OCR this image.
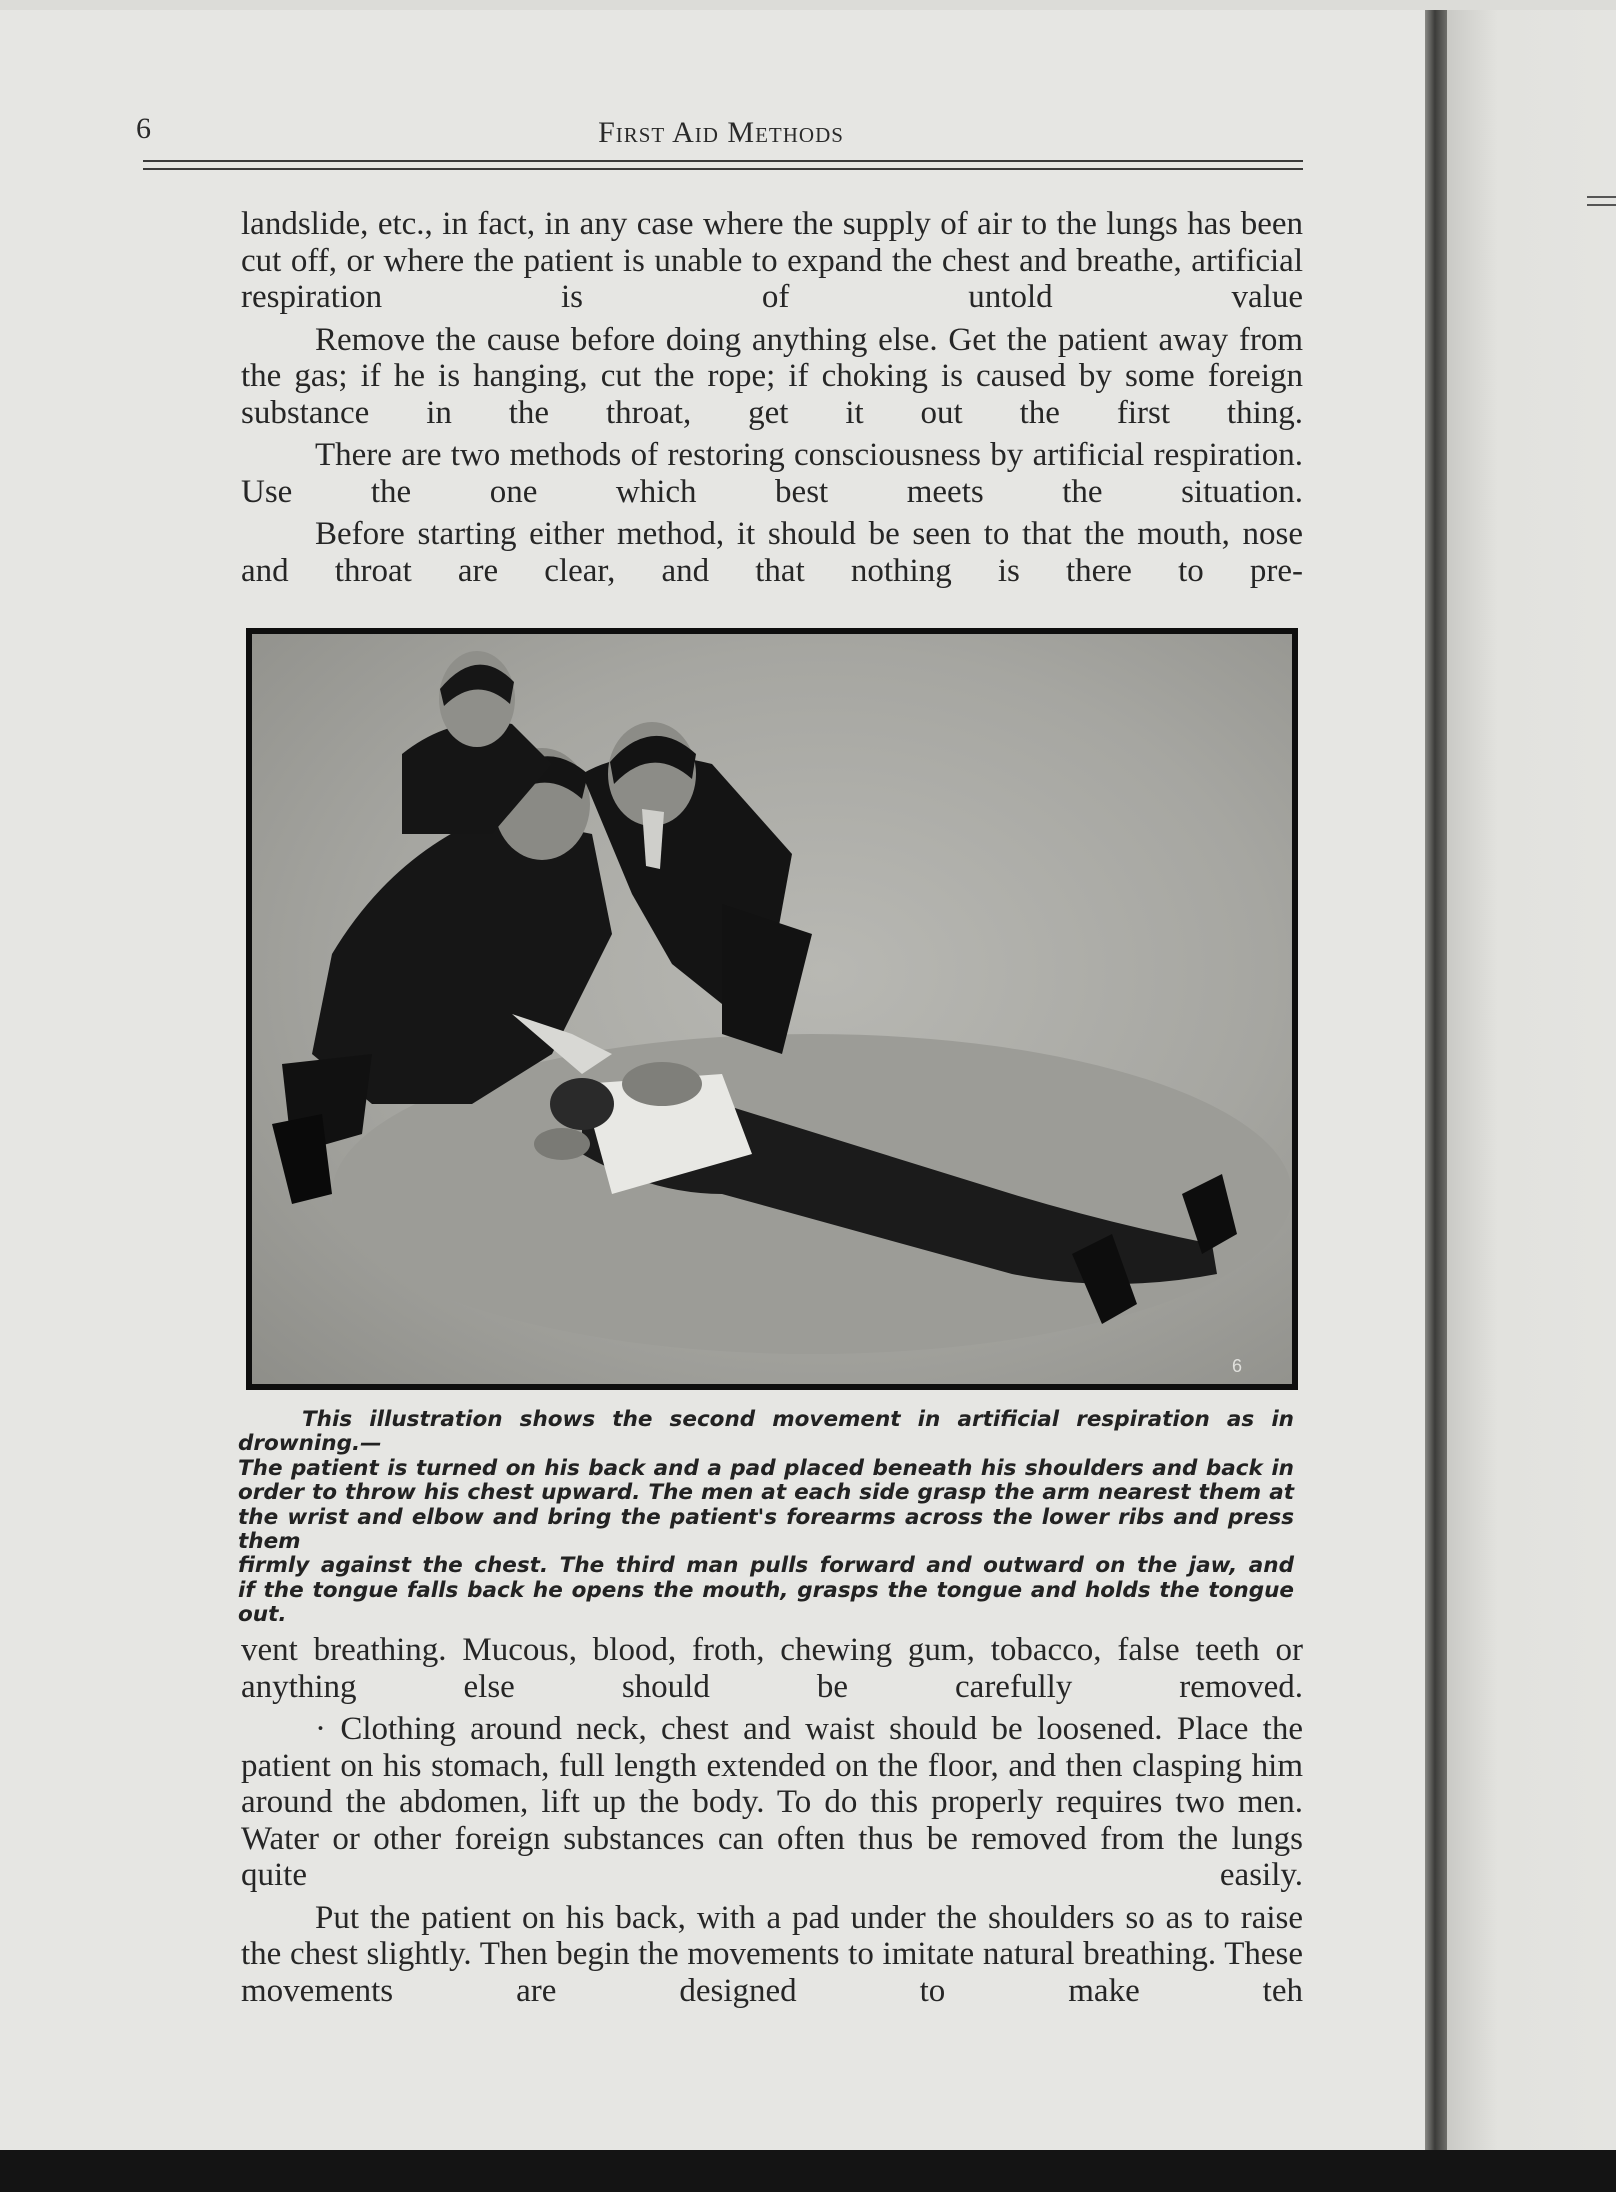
6	First Aid Methods

landslide, etc., in fact, in any case where the supply of air to the lungs has been cut off, or where the patient is unable to expand the chest and breathe, artificial respiration is of untold value

Remove the cause before doing anything else. Get the patient away from the gas; if he is hanging, cut the rope; if choking is caused by some foreign substance in the throat, get it out the first thing.

There are two methods of restoring consciousness by artificial respiration. Use the one which best meets the situation.

Before starting either method, it should be seen to that the mouth, nose and throat are clear, and that nothing is there to pre-

6
This illustration shows the second movement in artificial respiration as in drowning.—
The patient is turned on his back and a pad placed beneath his shoulders and back in
order to throw his chest upward. The men at each side grasp the arm nearest them at
the wrist and elbow and bring the patient's forearms across the lower ribs and press them
firmly against the chest. The third man pulls forward and outward on the jaw, and
if the tongue falls back he opens the mouth, grasps the tongue and holds the tongue out.

vent breathing. Mucous, blood, froth, chewing gum, tobacco, false teeth or anything else should be carefully removed.

· Clothing around neck, chest and waist should be loosened. Place the patient on his stomach, full length extended on the floor, and then clasping him around the abdomen, lift up the body. To do this properly requires two men. Water or other foreign substances can often thus be removed from the lungs quite easily.

Put the patient on his back, with a pad under the shoulders so as to raise the chest slightly. Then begin the movements to imitate natural breathing. These movements are designed to make teh
